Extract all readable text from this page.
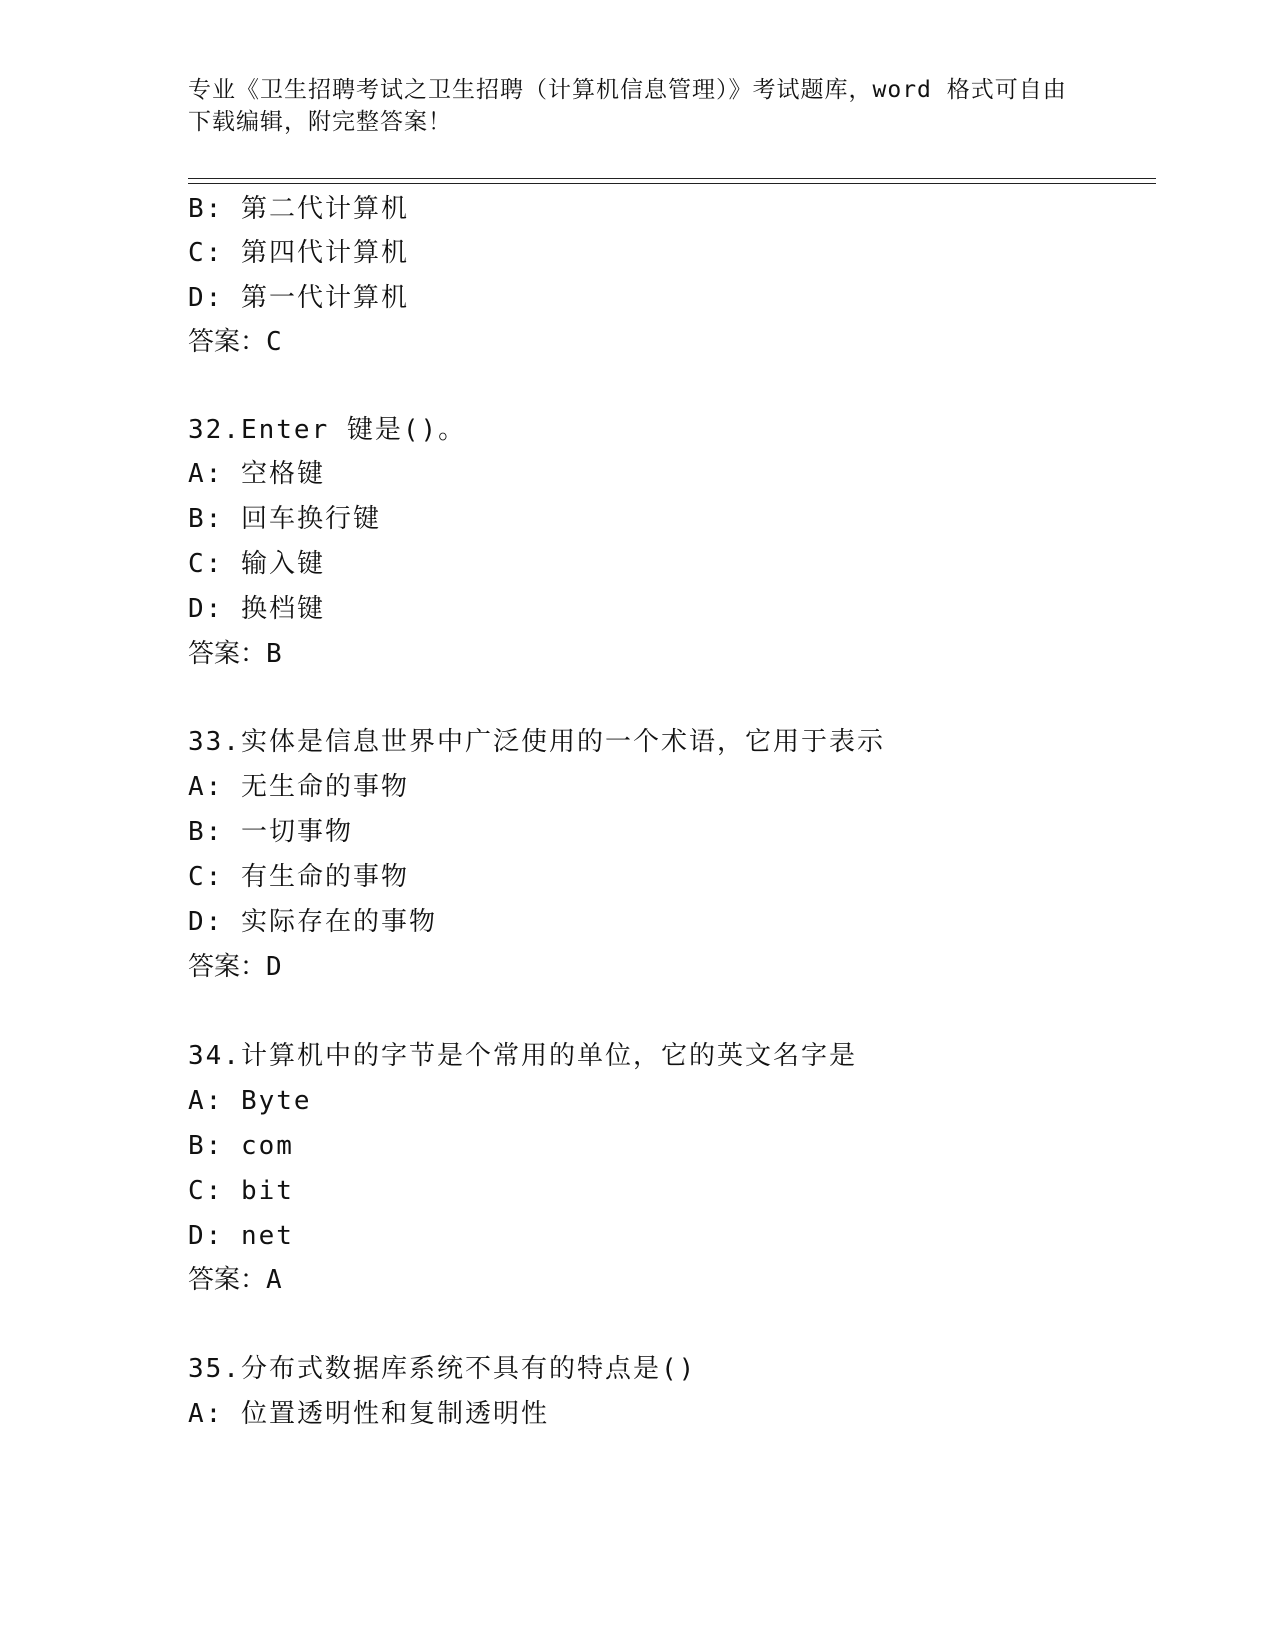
专业《卫生招聘考试之卫生招聘（计算机信息管理）》考试题库，word 格式可自由下载编辑，附完整答案！
B: 第二代计算机
C: 第四代计算机
D: 第一代计算机
答案：C
32.Enter 键是()。
A: 空格键
B: 回车换行键
C: 输入键
D: 换档键
答案：B
33.实体是信息世界中广泛使用的一个术语，它用于表示
A: 无生命的事物
B: 一切事物
C: 有生命的事物
D: 实际存在的事物
答案：D
34.计算机中的字节是个常用的单位，它的英文名字是
A: Byte
B: com
C: bit
D: net
答案：A
35.分布式数据库系统不具有的特点是()
A: 位置透明性和复制透明性
